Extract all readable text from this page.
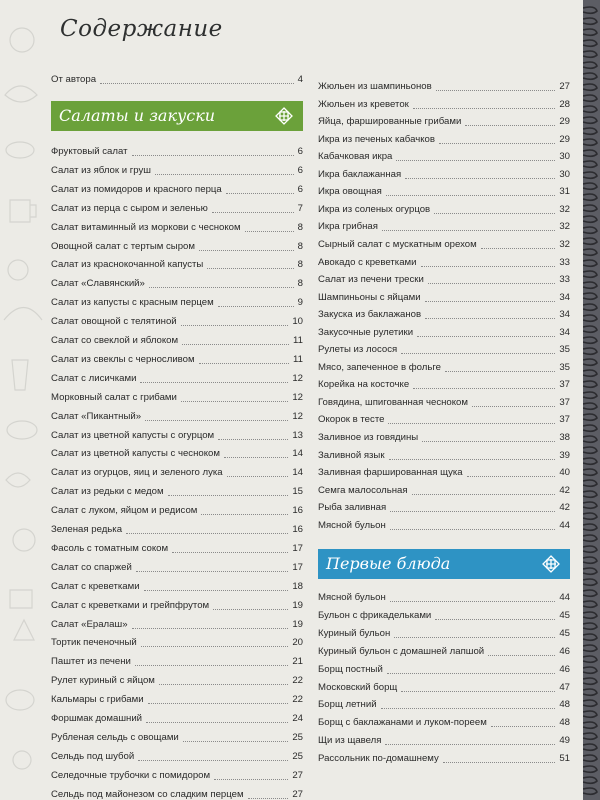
Содержание
От автора	4
Салаты и закуски
Фруктовый салат	6
Салат из яблок и груш	6
Салат из помидоров и красного перца	6
Салат из перца с сыром и зеленью	7
Салат витаминный из моркови с чесноком	8
Овощной салат с тертым сыром	8
Салат из краснокочанной капусты	8
Салат «Славянский»	8
Салат из капусты с красным перцем	9
Салат овощной с телятиной	10
Салат со свеклой и яблоком	11
Салат из свеклы с черносливом	11
Салат с лисичками	12
Морковный салат с грибами	12
Салат «Пикантный»	12
Салат из цветной капусты с огурцом	13
Салат из цветной капусты с чесноком	14
Салат из огурцов, яиц и зеленого лука	14
Салат из редьки с медом	15
Салат с луком, яйцом и редисом	16
Зеленая редька	16
Фасоль с томатным соком	17
Салат со спаржей	17
Салат с креветками	18
Салат с креветками и грейпфрутом	19
Салат «Ералаш»	19
Тортик печеночный	20
Паштет из печени	21
Рулет куриный с яйцом	22
Кальмары с грибами	22
Форшмак домашний	24
Рубленая сельдь с овощами	25
Сельдь под шубой	25
Селедочные трубочки с помидором	27
Сельдь под майонезом со сладким перцем	27
Жюльен из шампиньонов	27
Жюльен из креветок	28
Яйца, фаршированные грибами	29
Икра из печеных кабачков	29
Кабачковая икра	30
Икра баклажанная	30
Икра овощная	31
Икра из соленых огурцов	32
Икра грибная	32
Сырный салат с мускатным орехом	32
Авокадо с креветками	33
Салат из печени трески	33
Шампиньоны с яйцами	34
Закуска из баклажанов	34
Закусочные рулетики	34
Рулеты из лосося	35
Мясо, запеченное в фольге	35
Корейка на косточке	37
Говядина, шпигованная чесноком	37
Окорок в тесте	37
Заливное из говядины	38
Заливной язык	39
Заливная фаршированная щука	40
Семга малосольная	42
Рыба заливная	42
Мясной бульон	44
Первые блюда
Мясной бульон	44
Бульон с фрикадельками	45
Куриный бульон	45
Куриный бульон с домашней лапшой	46
Борщ постный	46
Московский борщ	47
Борщ летний	48
Борщ с баклажанами и луком-пореем	48
Щи из щавеля	49
Рассольник по-домашнему	51
